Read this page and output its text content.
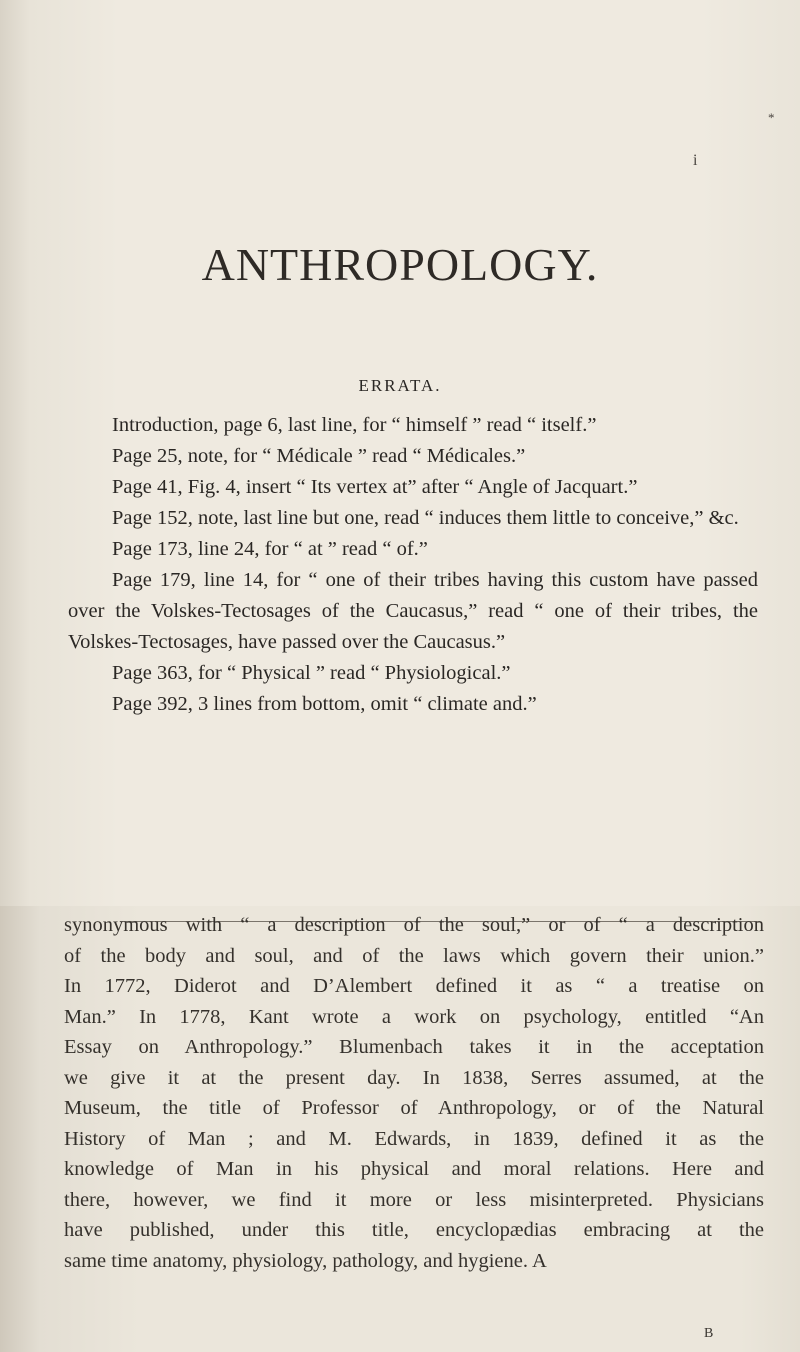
i
*
ANTHROPOLOGY.
ERRATA.

Introduction, page 6, last line, for “ himself ” read “ itself.”

Page 25, note, for “ Médicale ” read “ Médicales.”

Page 41, Fig. 4, insert “ Its vertex at” after “ Angle of Jacquart.”

Page 152, note, last line but one, read “ induces them little to conceive,” &c.

Page 173, line 24, for “ at ” read “ of.”

Page 179, line 14, for “ one of their tribes having this custom have passed over the Volskes-Tectosages of the Caucasus,” read “ one of their tribes, the Volskes-Tectosages, have passed over the Caucasus.”

Page 363, for “ Physical ” read “ Physiological.”

Page 392, 3 lines from bottom, omit “ climate and.”

synonymous with “ a description of the soul,” or of “ a description
of the body and soul, and of the laws which govern their union.”
In 1772, Diderot and D’Alembert defined it as “ a treatise on
Man.” In 1778, Kant wrote a work on psychology, entitled “An
Essay on Anthropology.” Blumenbach takes it in the acceptation
we give it at the present day. In 1838, Serres assumed, at the
Museum, the title of Professor of Anthropology, or of the Natural
History of Man ; and M. Edwards, in 1839, defined it as the
knowledge of Man in his physical and moral relations. Here and
there, however, we find it more or less misinterpreted. Physicians
have published, under this title, encyclopædias embracing at the
same time anatomy, physiology, pathology, and hygiene. A
B
